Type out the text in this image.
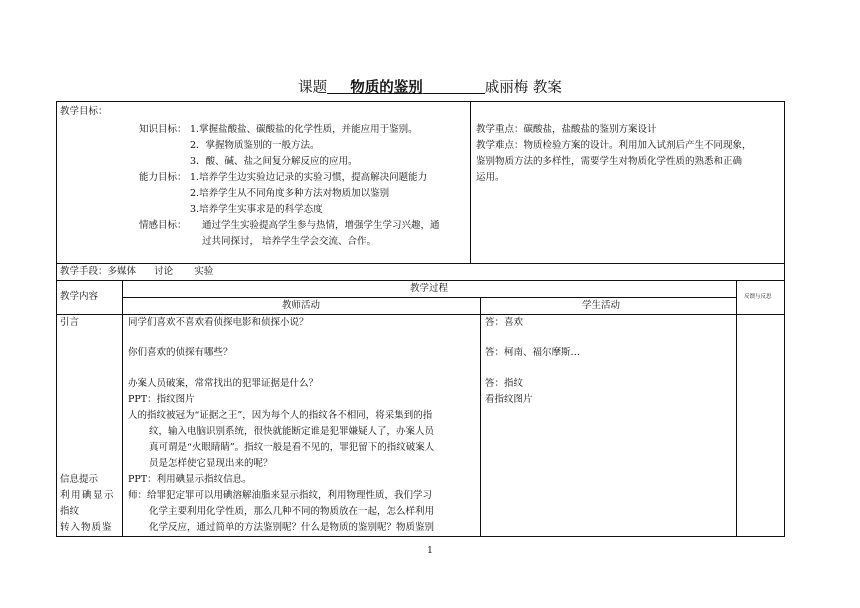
课题 物质的鉴别	戚丽梅 教案
教学目标：
知识目标： 1.掌握盐酸盐、碳酸盐的化学性质，并能应用于鉴别。
2．掌握物质鉴别的一般方法。
3．酸、碱、盐之间复分解反应的应用。
能力目标： 1.培养学生边实验边记录的实验习惯，提高解决问题能力
2.培养学生从不同角度多种方法对物质加以鉴别
3.培养学生实事求是的科学态度
情感目标： 通过学生实验提高学生参与热情，增强学生学习兴趣，通
过共同探讨， 培养学生学会交流、合作。
教学重点：碳酸盐，盐酸盐的鉴别方案设计
教学难点：物质检验方案的设计。利用加入试剂后产生不同现象，
鉴别物质方法的多样性，需要学生对物质化学性质的熟悉和正确
运用。
教学手段：多媒体      讨论       实验
教学内容
教学过程
教师活动	学生活动
反馈与反思
引言
信息提示
利用碘显示
指纹
转入物质鉴
同学们喜欢不喜欢看侦探电影和侦探小说？
你们喜欢的侦探有哪些？
办案人员破案，常常找出的犯罪证据是什么？
PPT：指纹图片
人的指纹被冠为“证据之王”，因为每个人的指纹各不相同，将采集到的指
纹，输入电脑识别系统，很快就能断定谁是犯罪嫌疑人了，办案人员
真可谓是“火眼睛睛”。指纹一般是看不见的，罪犯留下的指纹破案人
员是怎样使它显现出来的呢？
PPT：利用碘显示指纹信息。
师：给罪犯定罪可以用碘溶解油脂来显示指纹，利用物理性质，我们学习
化学主要利用化学性质，那么几种不同的物质放在一起，怎么样利用
化学反应，通过简单的方法鉴别呢？什么是物质的鉴别呢？物质鉴别
答：喜欢
答：柯南、福尔摩斯…
答：指纹
看指纹图片
1
